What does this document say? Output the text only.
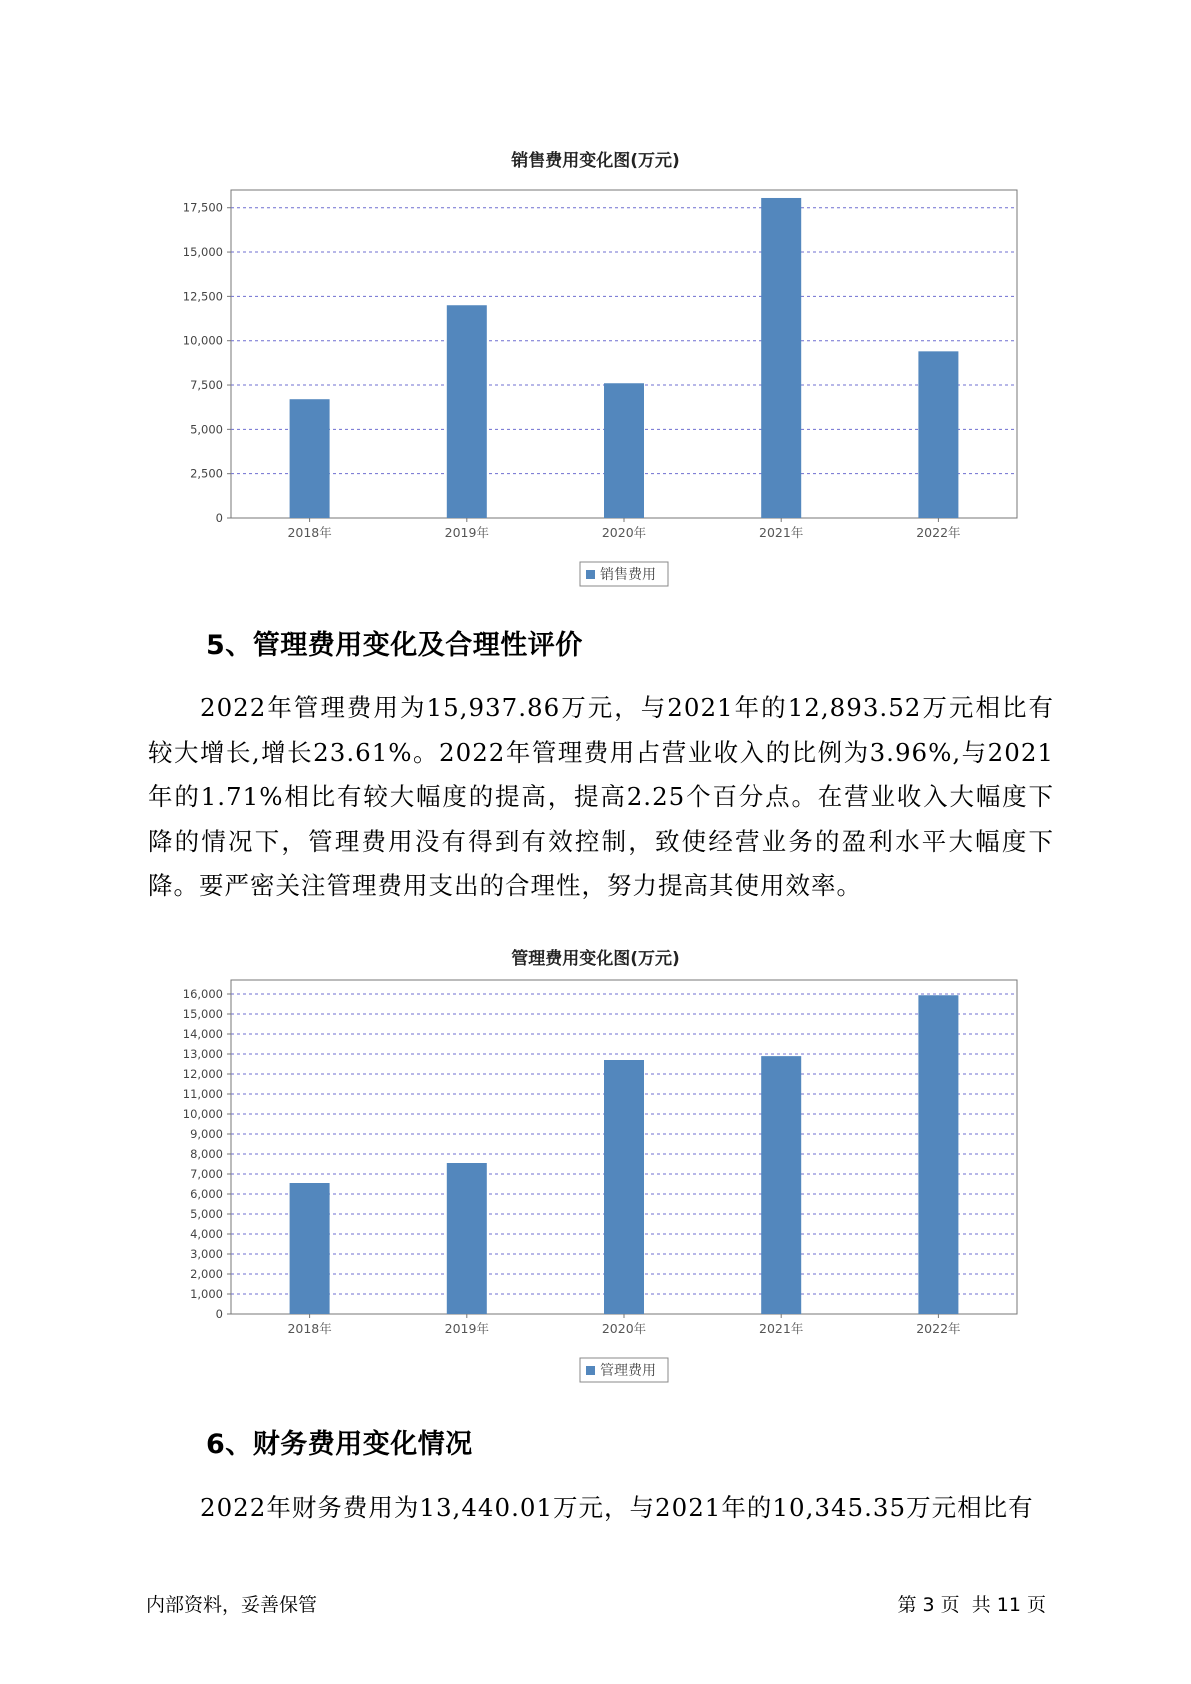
销售费用变化图(万元)
0
2,500
5,000
7,500
10,000
12,500
15,000
17,500
2018年	2019年	2020年	2021年	2022年
销售费用
5、管理费用变化及合理性评价

2022年管理费用为15,937.86万元，与2021年的12,893.52万元相比有较大增长,增长23.61%。2022年管理费用占营业收入的比例为3.96%,与2021年的1.71%相比有较大幅度的提高，提高2.25个百分点。在营业收入大幅度下降的情况下，管理费用没有得到有效控制，致使经营业务的盈利水平大幅度下降。要严密关注管理费用支出的合理性，努力提高其使用效率。

管理费用变化图(万元)
0
1,000
2,000
3,000
4,000
5,000
6,000
7,000
8,000
9,000
10,000
11,000
12,000
13,000
14,000
15,000
16,000
2018年	2019年	2020年	2021年	2022年
管理费用
6、财务费用变化情况

2022年财务费用为13,440.01万元，与2021年的10,345.35万元相比有

内部资料，妥善保管	第 3 页  共 11 页
